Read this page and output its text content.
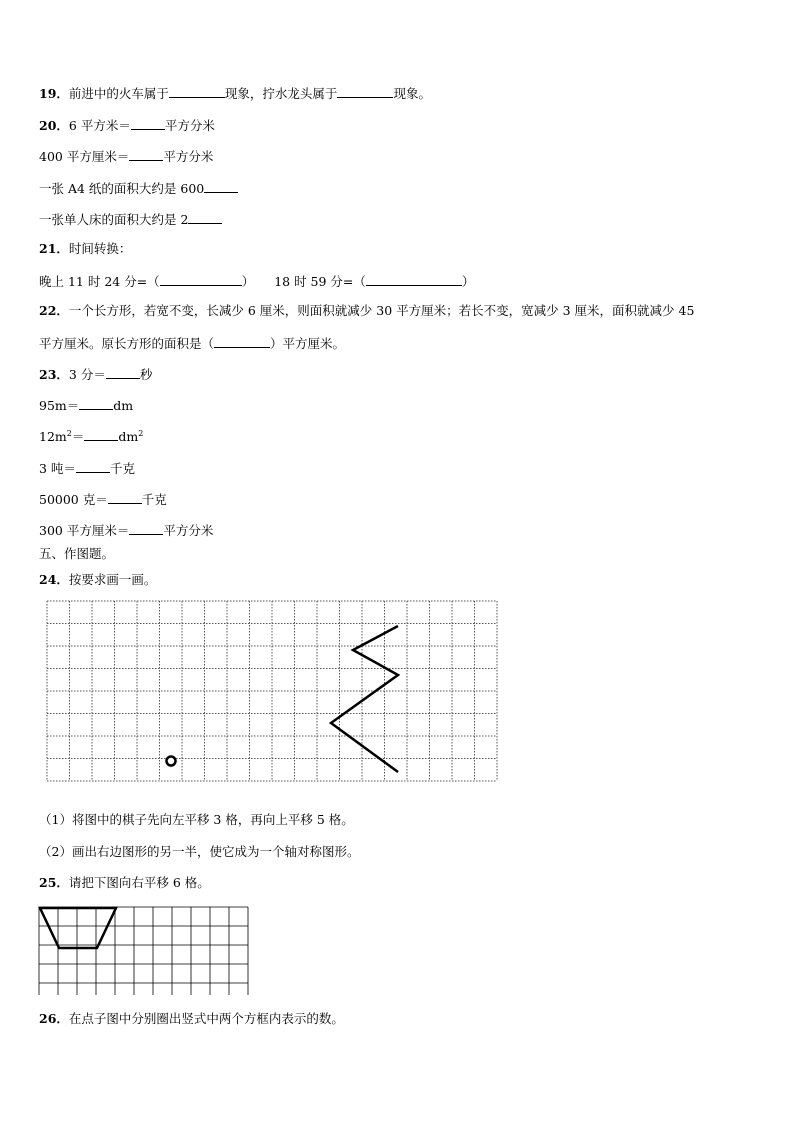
19．前进中的火车属于	现象，拧水龙头属于	现象。
20．6 平方米＝	平方分米
400 平方厘米＝	平方分米
一张 A4 纸的面积大约是 600
一张单人床的面积大约是 2
21．时间转换：
晚上 11 时 24 分=（	） 18 时 59 分=（	）
22．一个长方形，若宽不变，长减少 6 厘米，则面积就减少 30 平方厘米；若长不变，宽减少 3 厘米，面积就减少 45
平方厘米。原长方形的面积是（	）平方厘米。
23．3 分＝	秒
95m＝	dm
$12m^2=$	$dm^2$
3 吨＝	千克
50000 克＝	千克
300 平方厘米＝	平方分米
五、作图题。
24．按要求画一画。
（1）将图中的棋子先向左平移 3 格，再向上平移 5 格。
（2）画出右边图形的另一半，使它成为一个轴对称图形。
25．请把下图向右平移 6 格。
26．在点子图中分别圈出竖式中两个方框内表示的数。
